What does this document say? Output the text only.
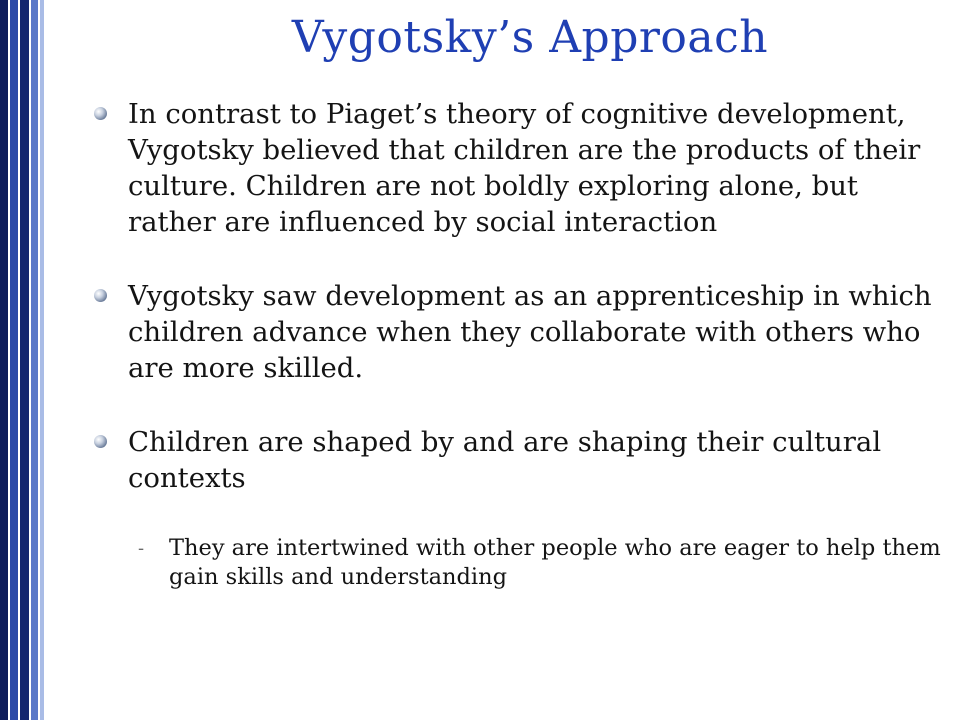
Vygotsky’s Approach
In contrast to Piaget’s theory of cognitive development, Vygotsky believed that children are the products of their culture. Children are not boldly exploring alone, but rather are influenced by social interaction
Vygotsky saw development as an apprenticeship in which children advance when they collaborate with others who are more skilled.
Children are shaped by and are shaping their cultural contexts
- They are intertwined with other people who are eager to help them gain skills and understanding
